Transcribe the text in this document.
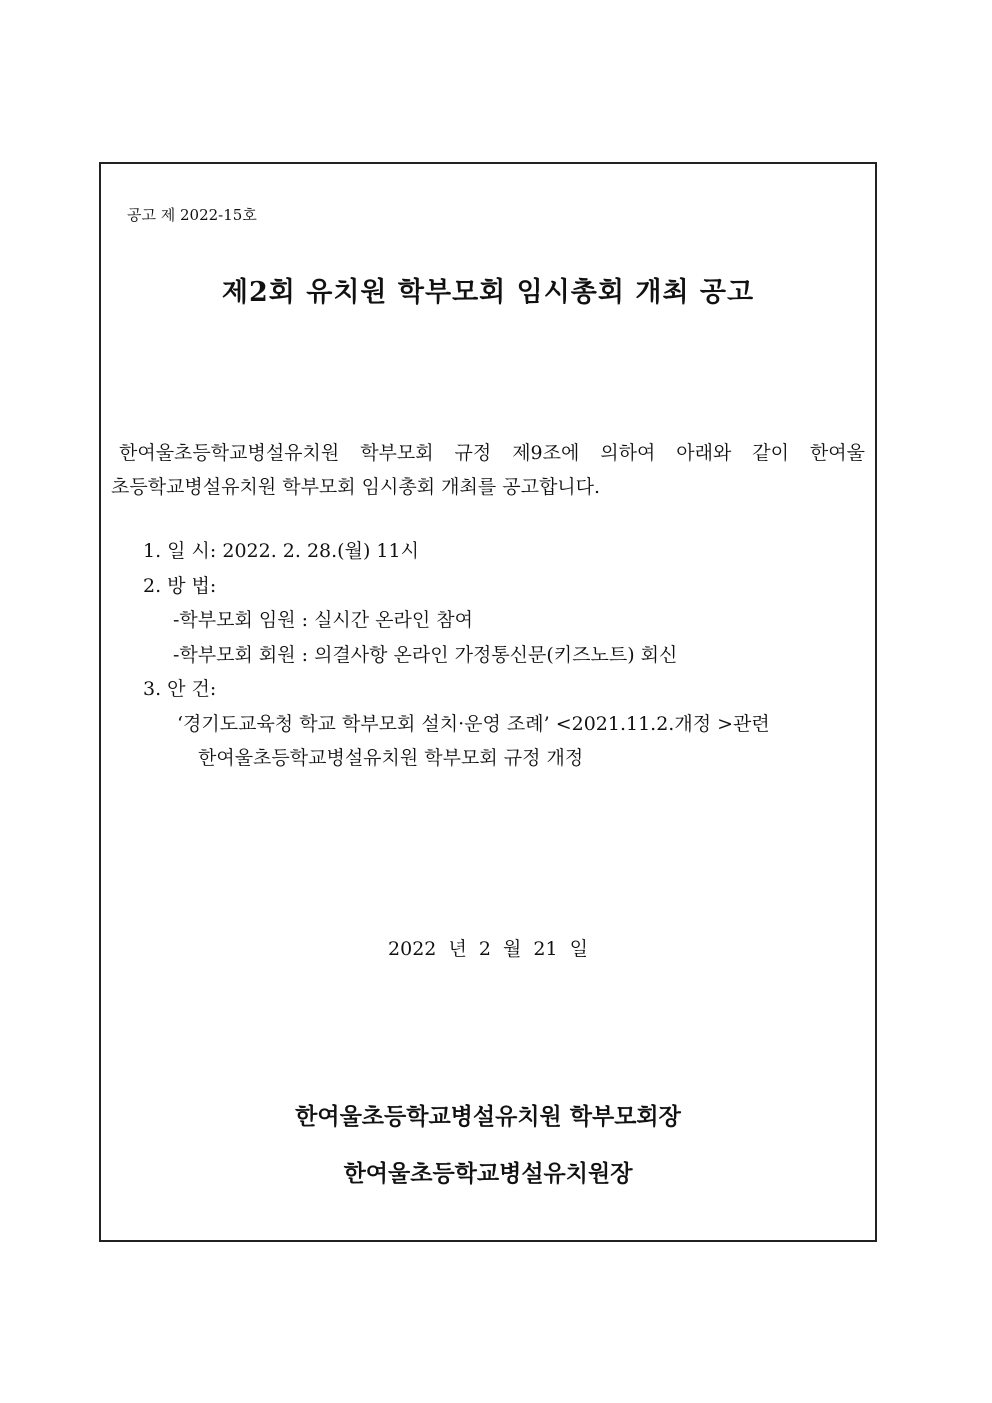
공고 제 2022-15호
제2회 유치원 학부모회 임시총회 개최 공고

한여울초등학교병설유치원 학부모회 규정 제9조에 의하여 아래와 같이 한여울

초등학교병설유치원 학부모회 임시총회 개최를 공고합니다.

1. 일 시: 2022. 2. 28.(월) 11시
2. 방 법:
-학부모회 임원 : 실시간 온라인 참여
-학부모회 회원 : 의결사항 온라인 가정통신문(키즈노트) 회신
3. 안 건:
‘경기도교육청 학교 학부모회 설치·운영 조례’ <2021.11.2.개정 >관련
한여울초등학교병설유치원 학부모회 규정 개정
2022 년 2 월 21 일
한여울초등학교병설유치원 학부모회장
한여울초등학교병설유치원장
